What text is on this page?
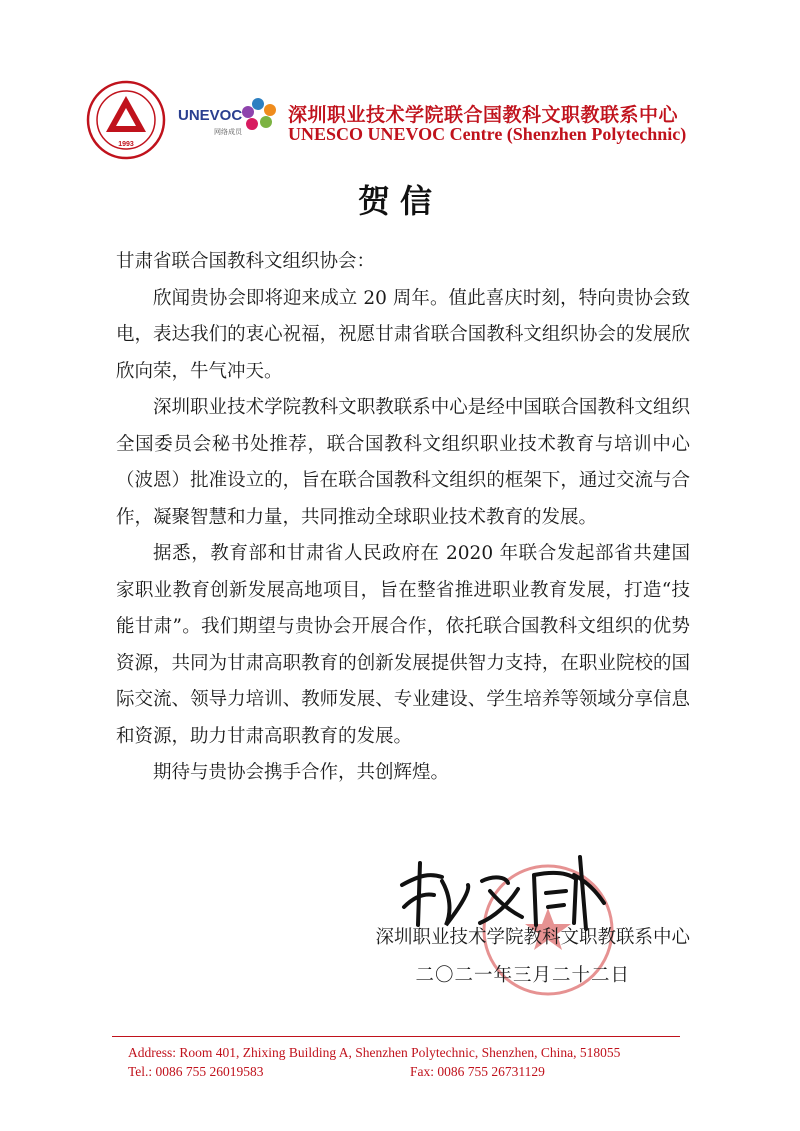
1993
UNEVOC
网络成员
深圳职业技术学院联合国教科文职教联系中心
UNESCO UNEVOC Centre (Shenzhen Polytechnic)
贺信

甘肃省联合国教科文组织协会：

欣闻贵协会即将迎来成立 20 周年。值此喜庆时刻，特向贵协会致电，表达我们的衷心祝福，祝愿甘肃省联合国教科文组织协会的发展欣欣向荣，牛气冲天。

深圳职业技术学院教科文职教联系中心是经中国联合国教科文组织全国委员会秘书处推荐，联合国教科文组织职业技术教育与培训中心（波恩）批准设立的，旨在联合国教科文组织的框架下，通过交流与合作，凝聚智慧和力量，共同推动全球职业技术教育的发展。

据悉，教育部和甘肃省人民政府在 2020 年联合发起部省共建国家职业教育创新发展高地项目，旨在整省推进职业教育发展，打造“技能甘肃”。我们期望与贵协会开展合作，依托联合国教科文组织的优势资源，共同为甘肃高职教育的创新发展提供智力支持，在职业院校的国际交流、领导力培训、教师发展、专业建设、学生培养等领域分享信息和资源，助力甘肃高职教育的发展。

期待与贵协会携手合作，共创辉煌。

深圳职业技术学院教科文职教联系中心
二〇二一年三月二十二日
Address: Room 401, Zhixing Building A, Shenzhen Polytechnic, Shenzhen, China, 518055
Tel.: 0086 755 26019583	Fax: 0086 755 26731129
